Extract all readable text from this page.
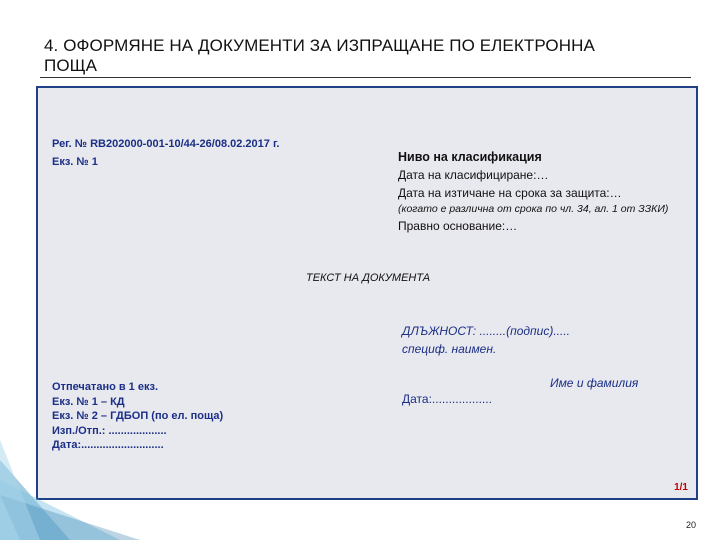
4. ОФОРМЯНЕ НА ДОКУМЕНТИ ЗА ИЗПРАЩАНЕ ПО ЕЛЕКТРОННА
ПОЩА
Рег. № RB202000-001-10/44-26/08.02.2017 г.
Екз. № 1	Ниво на класификация
Дата на класифициране:…
Дата на изтичане на срока за защита:…
(когато е различна от срока по чл. 34, ал. 1 от ЗЗКИ)
Правно основание:…
ТЕКСТ НА ДОКУМЕНТА
ДЛЪЖНОСТ: ........(подпис).....
специф. наимен.
Име и фамилия
Дата:..................
Отпечатано в 1 екз.
Екз. № 1 – КД
Екз. № 2 – ГДБОП (по ел. поща)
Изп./Отп.: ...................
Дата:...........................
1/1
20
